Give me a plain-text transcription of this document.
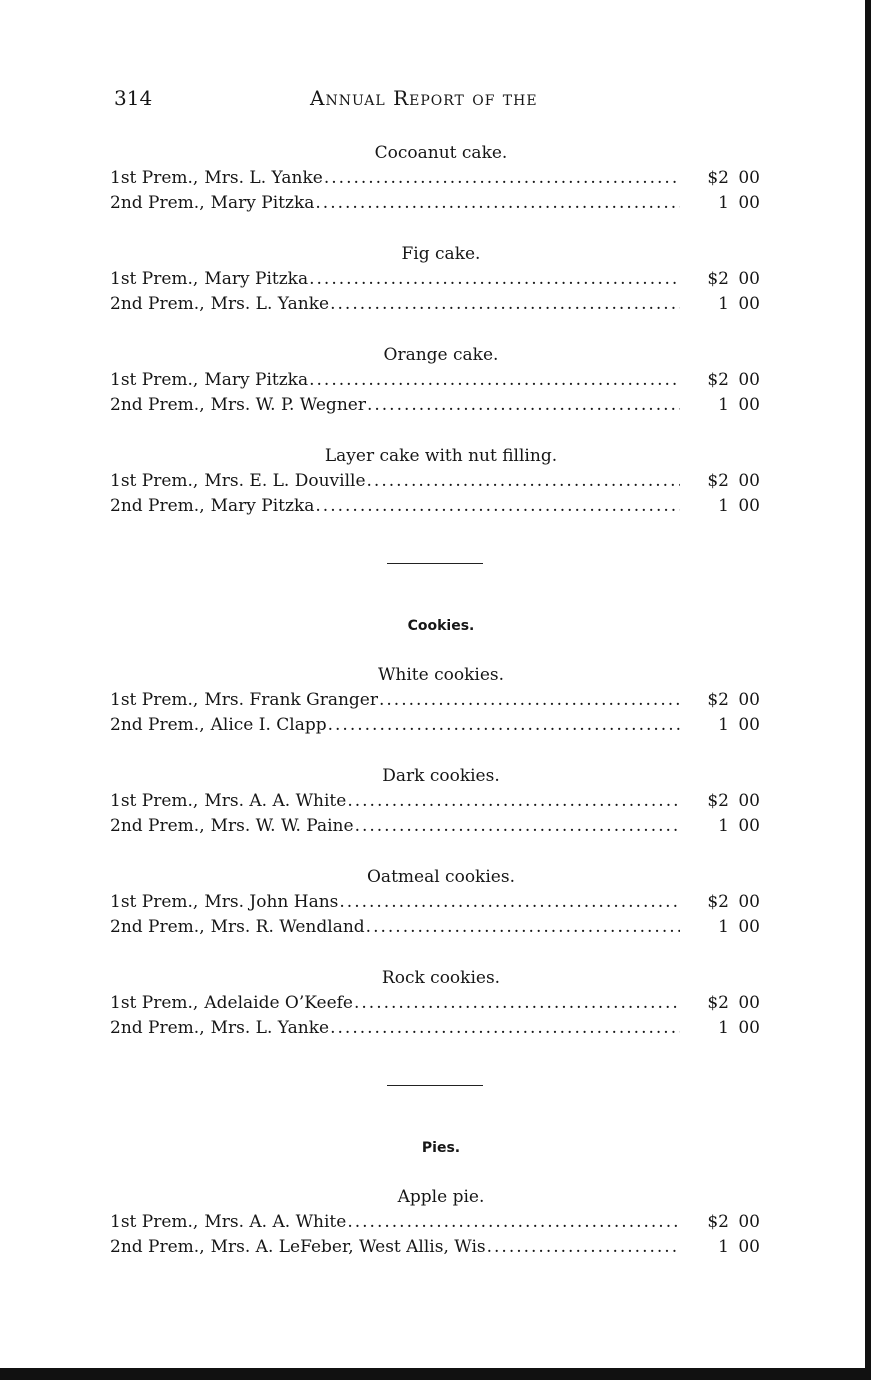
314	Annual Report of the
Cocoanut cake.
1st Prem., Mrs. L. Yanke .....	$2 00
2nd Prem., Mary Pitzka .....	1 00
Fig cake.
1st Prem., Mary Pitzka .....	$2 00
2nd Prem., Mrs. L. Yanke .....	1 00
Orange cake.
1st Prem., Mary Pitzka .....	$2 00
2nd Prem., Mrs. W. P. Wegner .....	1 00
Layer cake with nut filling.
1st Prem., Mrs. E. L. Douville .....	$2 00
2nd Prem., Mary Pitzka .....	1 00
Cookies.
White cookies.
1st Prem., Mrs. Frank Granger .....	$2 00
2nd Prem., Alice I. Clapp .....	1 00
Dark cookies.
1st Prem., Mrs. A. A. White .....	$2 00
2nd Prem., Mrs. W. W. Paine .....	1 00
Oatmeal cookies.
1st Prem., Mrs. John Hans .....	$2 00
2nd Prem., Mrs. R. Wendland .....	1 00
Rock cookies.
1st Prem., Adelaide O’Keefe .....	$2 00
2nd Prem., Mrs. L. Yanke .....	1 00
Pies.
Apple pie.
1st Prem., Mrs. A. A. White .....	$2 00
2nd Prem., Mrs. A. LeFeber, West Allis, Wis .....	1 00
